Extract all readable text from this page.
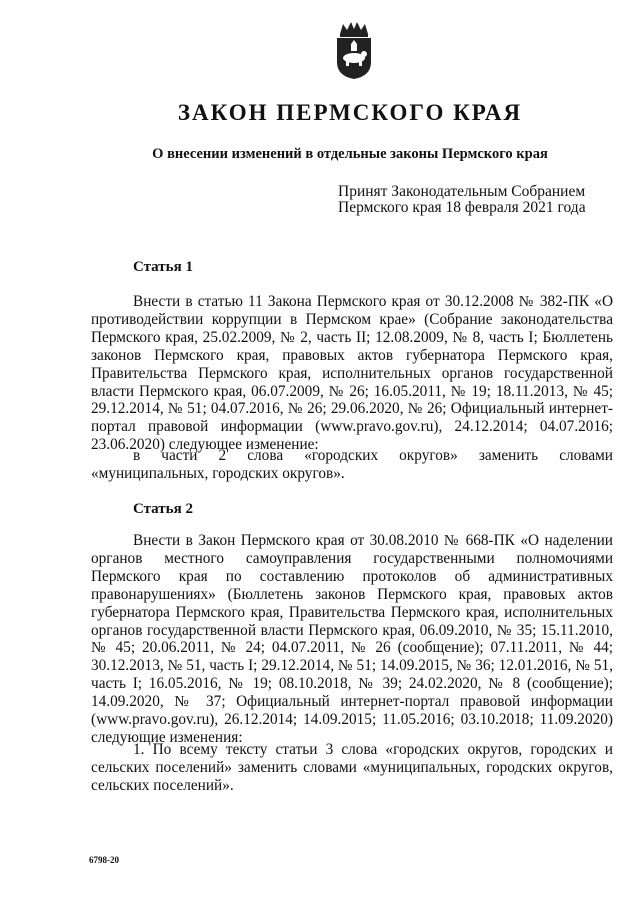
ЗАКОН ПЕРМСКОГО КРАЯ
О внесении изменений в отдельные законы Пермского края
Принят Законодательным Собранием
Пермского края 18 февраля 2021 года
Статья 1

Внести в статью 11 Закона Пермского края от 30.12.2008 № 382-ПК «О противодействии коррупции в Пермском крае» (Собрание законодательства Пермского края, 25.02.2009, № 2, часть II; 12.08.2009, № 8, часть I; Бюллетень законов Пермского края, правовых актов губернатора Пермского края, Правительства Пермского края, исполнительных органов государственной власти Пермского края, 06.07.2009, № 26; 16.05.2011, № 19; 18.11.2013, № 45; 29.12.2014, № 51; 04.07.2016, № 26; 29.06.2020, № 26; Официальный интернет-портал правовой информации (www.pravo.gov.ru), 24.12.2014; 04.07.2016; 23.06.2020) следующее изменение:

в части 2 слова «городских округов» заменить словами «муниципальных, городских округов».

Статья 2

Внести в Закон Пермского края от 30.08.2010 № 668-ПК «О наделении органов местного самоуправления государственными полномочиями Пермского края по составлению протоколов об административных правонарушениях» (Бюллетень законов Пермского края, правовых актов губернатора Пермского края, Правительства Пермского края, исполнительных органов государственной власти Пермского края, 06.09.2010, № 35; 15.11.2010, № 45; 20.06.2011, № 24; 04.07.2011, № 26 (сообщение); 07.11.2011, № 44; 30.12.2013, № 51, часть I; 29.12.2014, № 51; 14.09.2015, № 36; 12.01.2016, № 51, часть I; 16.05.2016, № 19; 08.10.2018, № 39; 24.02.2020, № 8 (сообщение); 14.09.2020, № 37; Официальный интернет-портал правовой информации (www.pravo.gov.ru), 26.12.2014; 14.09.2015; 11.05.2016; 03.10.2018; 11.09.2020) следующие изменения:

1. По всему тексту статьи 3 слова «городских округов, городских и сельских поселений» заменить словами «муниципальных, городских округов, сельских поселений».

6798-20
